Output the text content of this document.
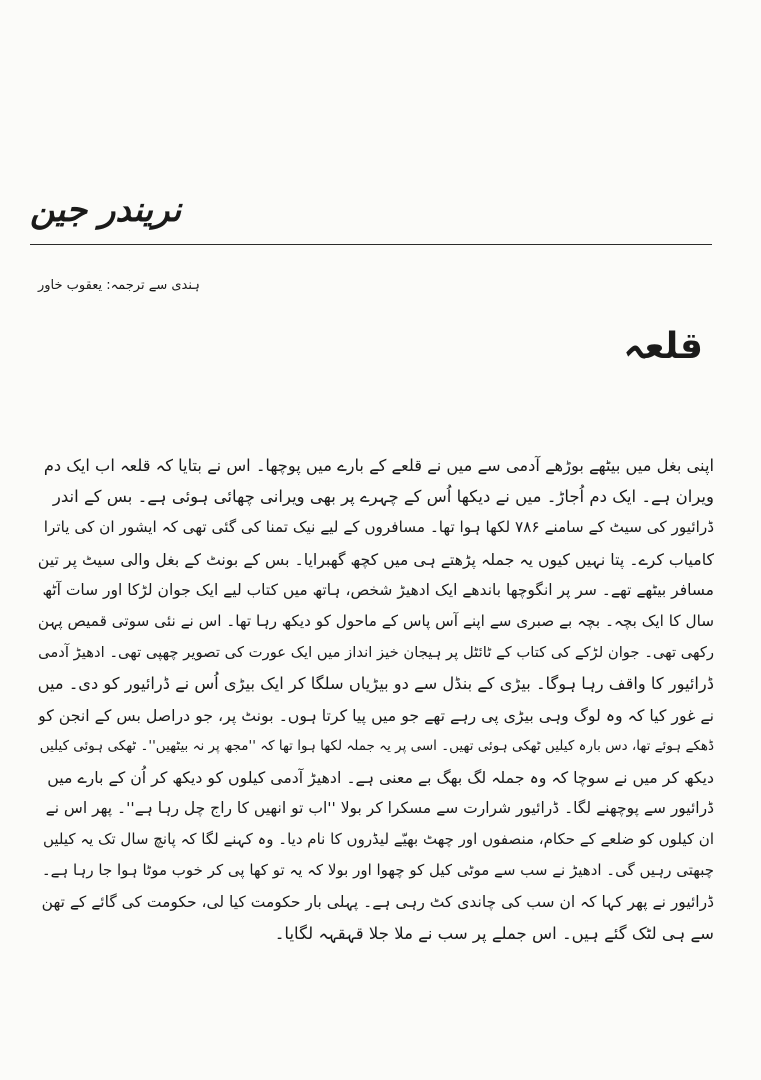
نریندر جین
ہندی سے ترجمہ: یعقوب خاور
قلعہ
اپنی بغل میں بیٹھے بوڑھے آدمی سے میں نے قلعے کے بارے میں پوچھا۔ اس نے بتایا کہ قلعہ اب ایک دم
ویران ہے۔ ایک دم اُجاڑ۔ میں نے دیکھا اُس کے چہرے پر بھی ویرانی چھائی ہوئی ہے۔ بس کے اندر
ڈرائیور کی سیٹ کے سامنے ۷۸۶ لکھا ہوا تھا۔ مسافروں کے لیے نیک تمنا کی گئی تھی کہ ایشور ان کی یاترا
کامیاب کرے۔ پتا نہیں کیوں یہ جملہ پڑھتے ہی میں کچھ گھبرایا۔ بس کے بونٹ کے بغل والی سیٹ پر تین
مسافر بیٹھے تھے۔ سر پر انگوچھا باندھے ایک ادھیڑ شخص، ہاتھ میں کتاب لیے ایک جوان لڑکا اور سات آٹھ
سال کا ایک بچہ۔ بچہ بے صبری سے اپنے آس پاس کے ماحول کو دیکھ رہا تھا۔ اس نے نئی سوتی قمیص پہن
رکھی تھی۔ جوان لڑکے کی کتاب کے ٹائٹل پر ہیجان خیز انداز میں ایک عورت کی تصویر چھپی تھی۔ ادھیڑ آدمی
ڈرائیور کا واقف رہا ہوگا۔ بیڑی کے بنڈل سے دو بیڑیاں سلگا کر ایک بیڑی اُس نے ڈرائیور کو دی۔ میں
نے غور کیا کہ وہ لوگ وہی بیڑی پی رہے تھے جو میں پیا کرتا ہوں۔ بونٹ پر، جو دراصل بس کے انجن کو
ڈھکے ہوئے تھا، دس بارہ کیلیں ٹھکی ہوئی تھیں۔ اسی پر یہ جملہ لکھا ہوا تھا کہ ''مجھ پر نہ بیٹھیں''۔ ٹھکی ہوئی کیلیں
دیکھ کر میں نے سوچا کہ وہ جملہ لگ بھگ بے معنی ہے۔ ادھیڑ آدمی کیلوں کو دیکھ کر اُن کے بارے میں
ڈرائیور سے پوچھنے لگا۔ ڈرائیور شرارت سے مسکرا کر بولا ''اب تو انھیں کا راج چل رہا ہے''۔ پھر اس نے
ان کیلوں کو ضلعے کے حکام، منصفوں اور چھٹ بھیّے لیڈروں کا نام دیا۔ وہ کہنے لگا کہ پانچ سال تک یہ کیلیں
چبھتی رہیں گی۔ ادھیڑ نے سب سے موٹی کیل کو چھوا اور بولا کہ یہ تو کھا پی کر خوب موٹا ہوا جا رہا ہے۔
ڈرائیور نے پھر کہا کہ ان سب کی چاندی کٹ رہی ہے۔ پہلی بار حکومت کیا لی، حکومت کی گائے کے تھن
سے ہی لٹک گئے ہیں۔ اس جملے پر سب نے ملا جلا قہقہہ لگایا۔
